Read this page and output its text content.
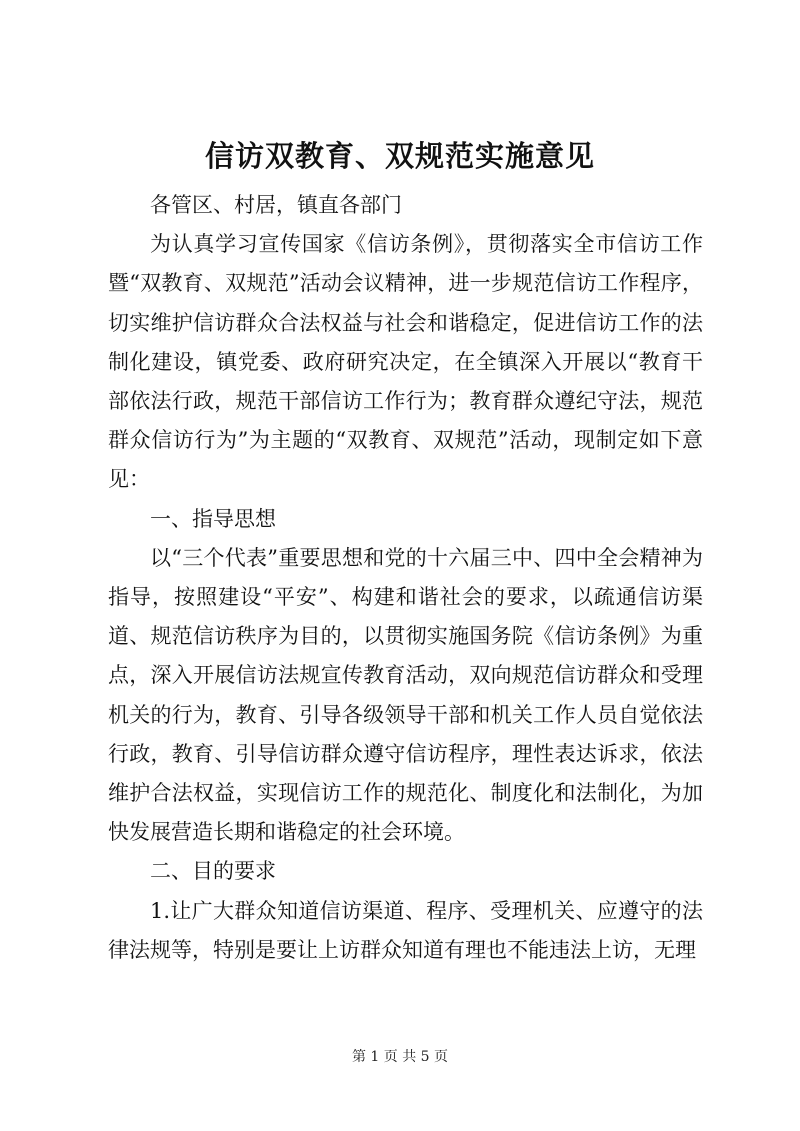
信访双教育、双规范实施意见

各管区、村居，镇直各部门

为认真学习宣传国家《信访条例》，贯彻落实全市信访工作暨“双教育、双规范”活动会议精神，进一步规范信访工作程序，切实维护信访群众合法权益与社会和谐稳定，促进信访工作的法制化建设，镇党委、政府研究决定，在全镇深入开展以“教育干部依法行政，规范干部信访工作行为；教育群众遵纪守法，规范群众信访行为”为主题的“双教育、双规范”活动，现制定如下意见：

一、指导思想

以“三个代表”重要思想和党的十六届三中、四中全会精神为指导，按照建设“平安”、构建和谐社会的要求，以疏通信访渠道、规范信访秩序为目的，以贯彻实施国务院《信访条例》为重点，深入开展信访法规宣传教育活动，双向规范信访群众和受理机关的行为，教育、引导各级领导干部和机关工作人员自觉依法行政，教育、引导信访群众遵守信访程序，理性表达诉求，依法维护合法权益，实现信访工作的规范化、制度化和法制化，为加快发展营造长期和谐稳定的社会环境。

二、目的要求

1.让广大群众知道信访渠道、程序、受理机关、应遵守的法律法规等，特别是要让上访群众知道有理也不能违法上访，无理

第 1 页 共 5 页
